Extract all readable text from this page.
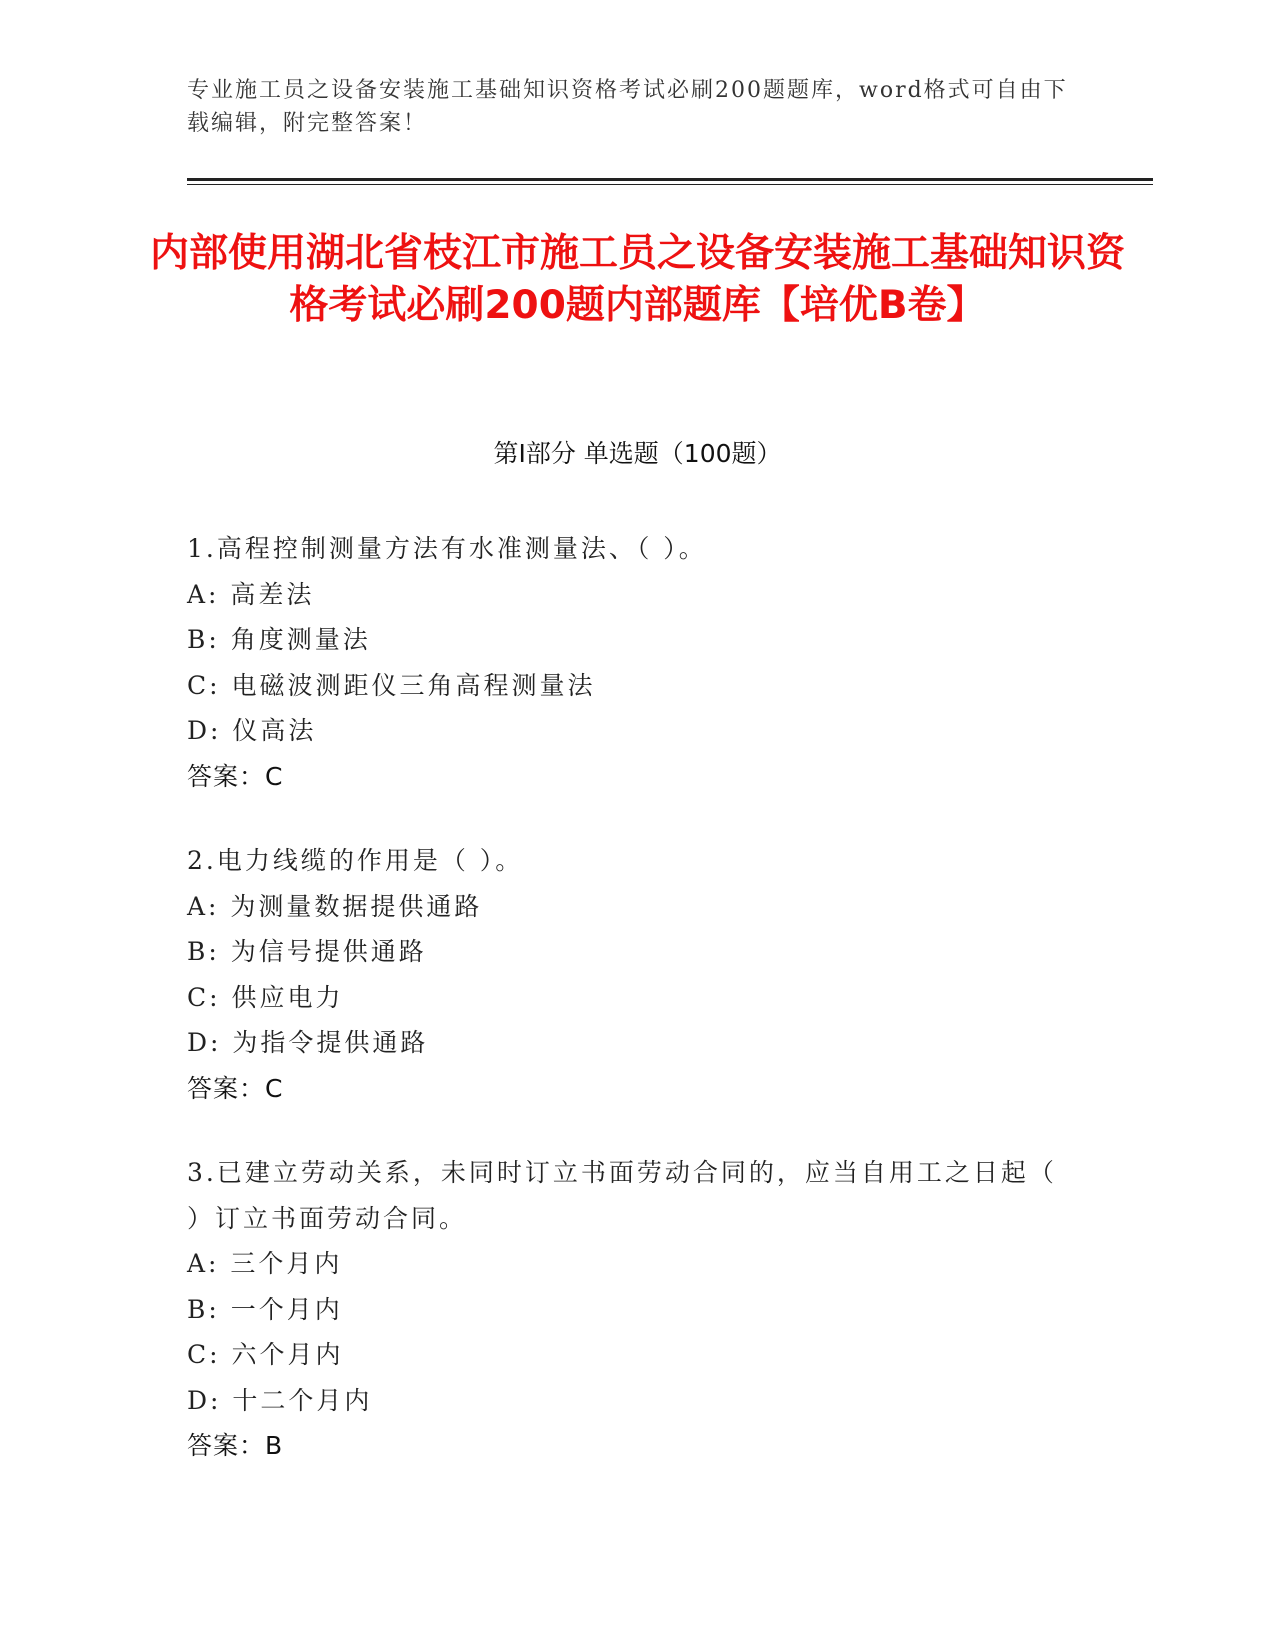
专业施工员之设备安装施工基础知识资格考试必刷200题题库，word格式可自由下载编辑，附完整答案！
内部使用湖北省枝江市施工员之设备安装施工基础知识资格考试必刷200题内部题库【培优B卷】
第I部分 单选题（100题）
1.高程控制测量方法有水准测量法、（ ）。
A: 高差法
B: 角度测量法
C: 电磁波测距仪三角高程测量法
D: 仪高法
答案：C
2.电力线缆的作用是（ ）。
A: 为测量数据提供通路
B: 为信号提供通路
C: 供应电力
D: 为指令提供通路
答案：C
3.已建立劳动关系，未同时订立书面劳动合同的，应当自用工之日起（ ）订立书面劳动合同。
A: 三个月内
B: 一个月内
C: 六个月内
D: 十二个月内
答案：B
